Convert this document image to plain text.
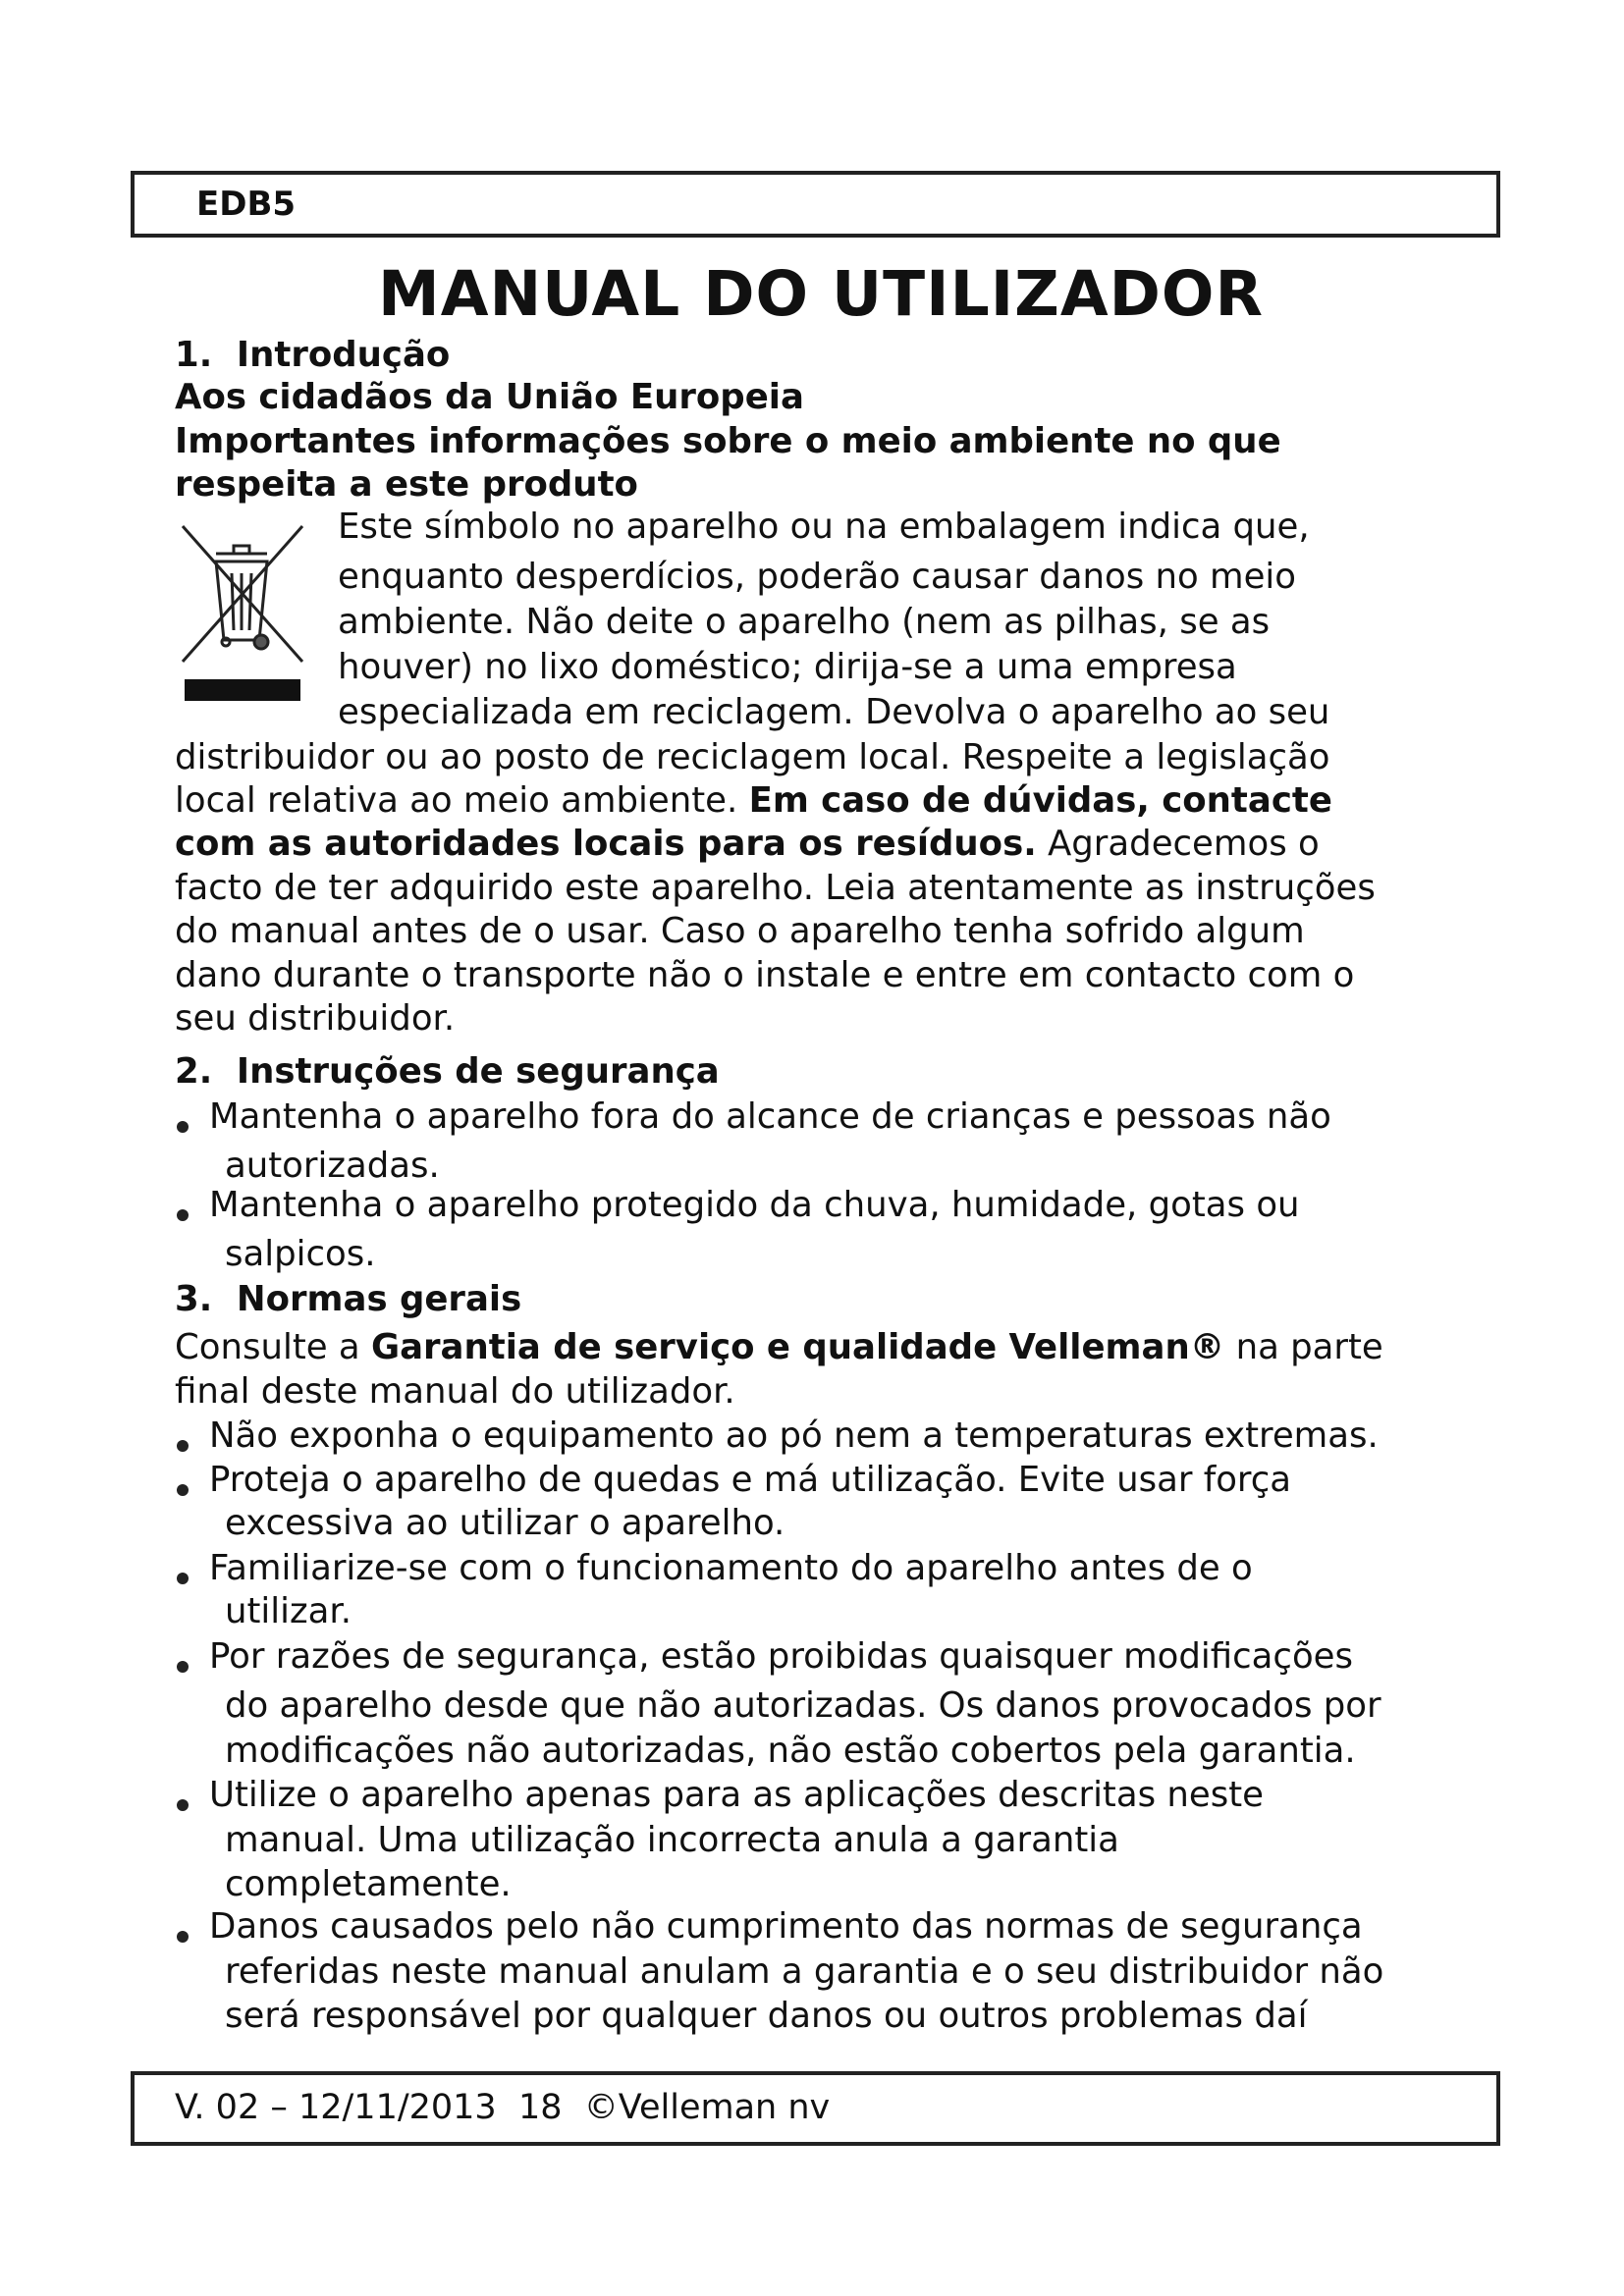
EDB5
MANUAL DO UTILIZADOR
1.  Introdução
Aos cidadãos da União Europeia
Importantes informações sobre o meio ambiente no que
respeita a este produto
Este símbolo no aparelho ou na embalagem indica que,
enquanto desperdícios, poderão causar danos no meio
ambiente. Não deite o aparelho (nem as pilhas, se as
houver) no lixo doméstico; dirija-se a uma empresa
especializada em reciclagem. Devolva o aparelho ao seu
distribuidor ou ao posto de reciclagem local. Respeite a legislação
local relativa ao meio ambiente. Em caso de dúvidas, contacte
com as autoridades locais para os resíduos. Agradecemos o
facto de ter adquirido este aparelho. Leia atentamente as instruções
do manual antes de o usar. Caso o aparelho tenha sofrido algum
dano durante o transporte não o instale e entre em contacto com o
seu distribuidor.
2.  Instruções de segurança
Mantenha o aparelho fora do alcance de crianças e pessoas não
autorizadas.
Mantenha o aparelho protegido da chuva, humidade, gotas ou
salpicos.
3.  Normas gerais
Consulte a Garantia de serviço e qualidade Velleman® na parte
final deste manual do utilizador.
Não exponha o equipamento ao pó nem a temperaturas extremas.
Proteja o aparelho de quedas e má utilização. Evite usar força
excessiva ao utilizar o aparelho.
Familiarize-se com o funcionamento do aparelho antes de o
utilizar.
Por razões de segurança, estão proibidas quaisquer modificações
do aparelho desde que não autorizadas. Os danos provocados por
modificações não autorizadas, não estão cobertos pela garantia.
Utilize o aparelho apenas para as aplicações descritas neste
manual. Uma utilização incorrecta anula a garantia
completamente.
Danos causados pelo não cumprimento das normas de segurança
referidas neste manual anulam a garantia e o seu distribuidor não
será responsável por qualquer danos ou outros problemas daí
V. 02 – 12/11/2013  18  ©Velleman nv
